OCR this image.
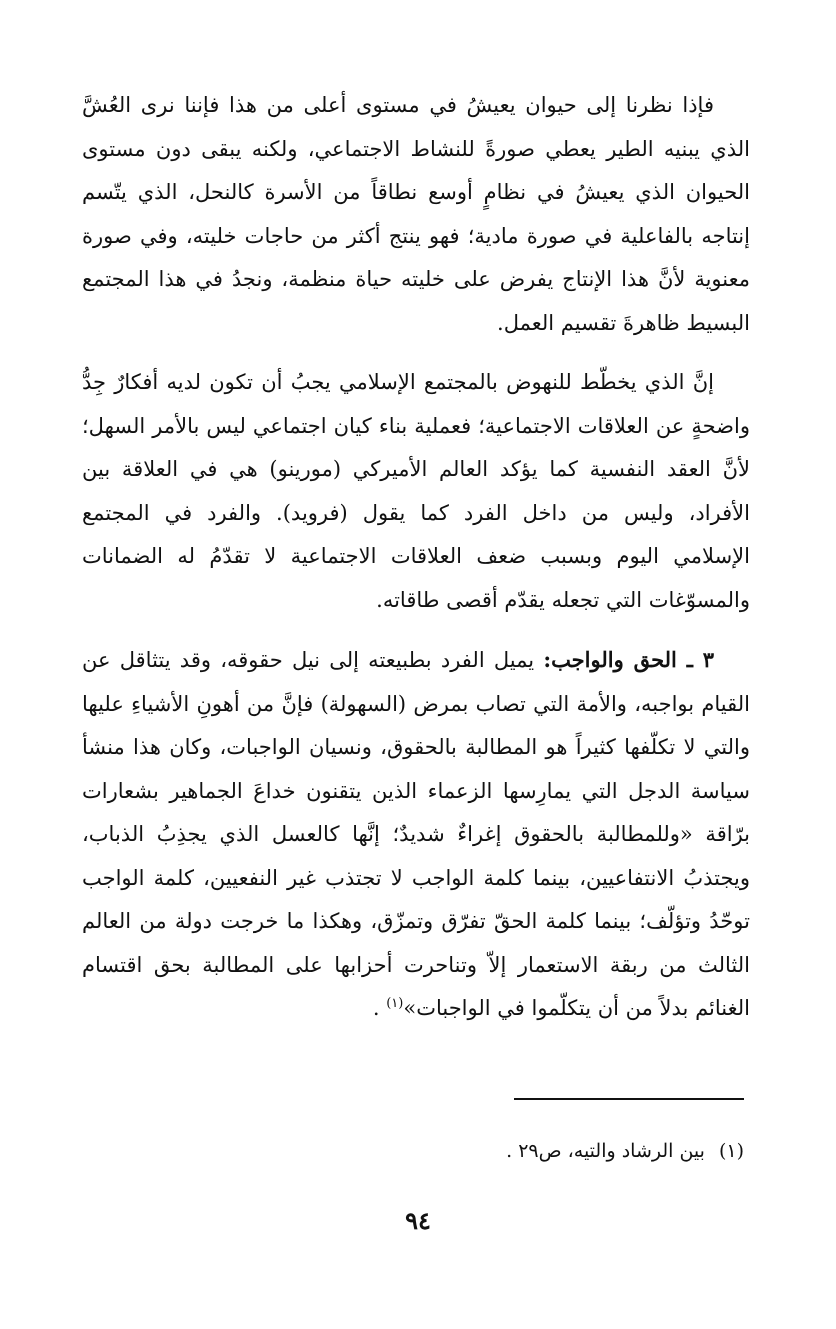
فإذا نظرنا إلى حيوان يعيشُ في مستوى أعلى من هذا فإننا نرى العُشَّ الذي يبنيه الطير يعطي صورةً للنشاط الاجتماعي، ولكنه يبقى دون مستوى الحيوان الذي يعيشُ في نظامٍ أوسع نطاقاً من الأسرة كالنحل، الذي يتّسم إنتاجه بالفاعلية في صورة مادية؛ فهو ينتج أكثر من حاجات خليته، وفي صورة معنوية لأنَّ هذا الإنتاج يفرض على خليته حياة منظمة، ونجدُ في هذا المجتمع البسيط ظاهرةَ تقسيم العمل.

إنَّ الذي يخطّط للنهوض بالمجتمع الإسلامي يجبُ أن تكون لديه أفكارٌ جِدُّ واضحةٍ عن العلاقات الاجتماعية؛ فعملية بناء كيان اجتماعي ليس بالأمر السهل؛ لأنَّ العقد النفسية كما يؤكد العالم الأميركي (مورينو) هي في العلاقة بين الأفراد، وليس من داخل الفرد كما يقول (فرويد). والفرد في المجتمع الإسلامي اليوم وبسبب ضعف العلاقات الاجتماعية لا تقدّمُ له الضمانات والمسوّغات التي تجعله يقدّم أقصى طاقاته.

٣ ـ الحق والواجب: يميل الفرد بطبيعته إلى نيل حقوقه، وقد يتثاقل عن القيام بواجبه، والأمة التي تصاب بمرض (السهولة) فإنَّ من أهونِ الأشياءِ عليها والتي لا تكلّفها كثيراً هو المطالبة بالحقوق، ونسيان الواجبات، وكان هذا منشأ سياسة الدجل التي يمارِسها الزعماء الذين يتقنون خداعَ الجماهير بشعارات برّاقة «وللمطالبة بالحقوق إغراءٌ شديدٌ؛ إنَّها كالعسل الذي يجذِبُ الذباب، ويجتذبُ الانتفاعيين، بينما كلمة الواجب لا تجتذب غير النفعيين، كلمة الواجب توحّدُ وتؤلّف؛ بينما كلمة الحقّ تفرّق وتمزّق، وهكذا ما خرجت دولة من العالم الثالث من ربقة الاستعمار إلاّ وتناحرت أحزابها على المطالبة بحق اقتسام الغنائم بدلاً من أن يتكلّموا في الواجبات»$^{(١)}$ .

(١)بين الرشاد والتيه، ص٢٩ .
٩٤
